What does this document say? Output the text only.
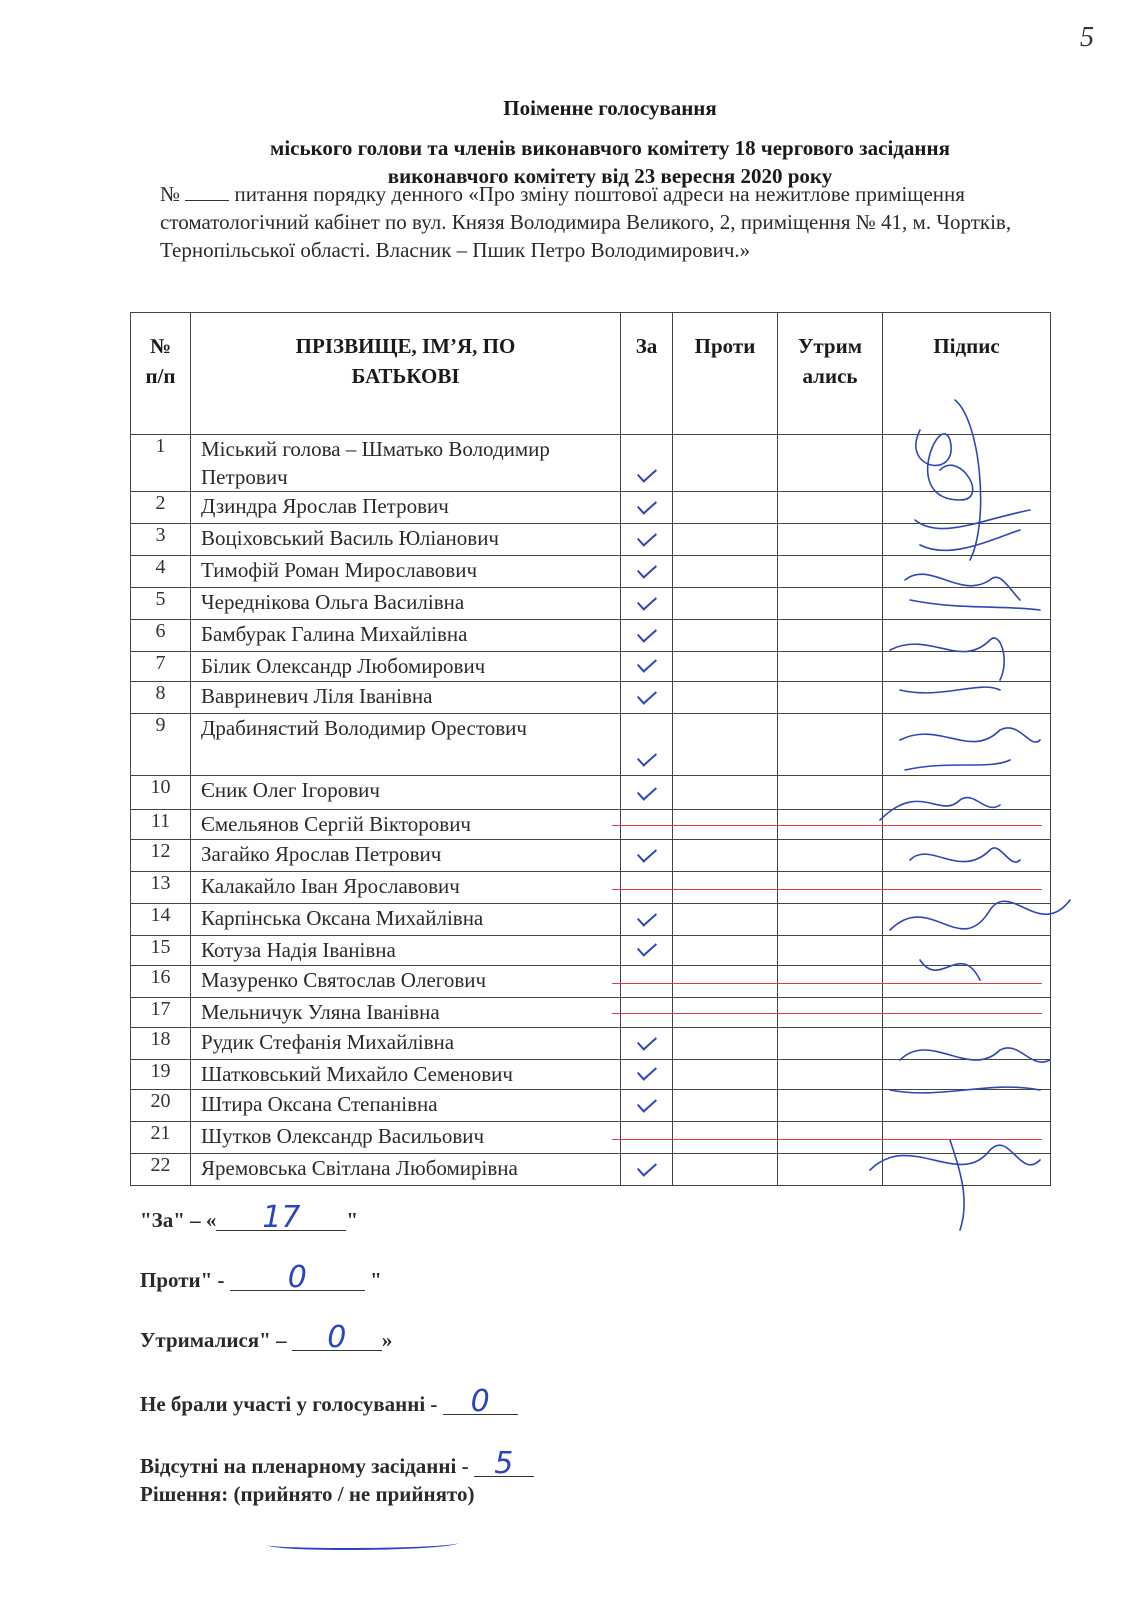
5
Поіменне голосування
міського голови та членів виконавчого комітету 18 чергового засідання
виконавчого комітету від 23 вересня 2020 року
№	питання порядку денного «Про зміну поштової адреси на нежитлове приміщення стоматологічний кабінет по вул. Князя Володимира Великого, 2, приміщення № 41, м. Чортків, Тернопільської області. Власник – Пшик Петро Володимирович.»
№ п/п	ПРІЗВИЩЕ, ІМ’Я, ПО БАТЬКОВІ	За	Проти	Утрим ались	Підпис

1	Міський голова – Шматько Володимир Петрович				
2	Дзиндра Ярослав Петрович				
3	Воціховський Василь Юліанович				
4	Тимофій Роман Мирославович				
5	Череднікова Ольга Василівна				
6	Бамбурак Галина Михайлівна				
7	Білик Олександр Любомирович				
8	Вавриневич Ліля Іванівна				
9	Драбинястий Володимир Орестович				
10	Єник Олег Ігорович				
11	Ємельянов Сергій Вікторович				
12	Загайко Ярослав Петрович				
13	Калакайло Іван Ярославович				
14	Карпінська Оксана Михайлівна				
15	Котуза Надія Іванівна				
16	Мазуренко Святослав Олегович				
17	Мельничук Уляна Іванівна				
18	Рудик Стефанія Михайлівна				
19	Шатковський Михайло Семенович				
20	Штира Оксана Степанівна				
21	Шутков Олександр Васильович				
22	Яремовська Світлана Любомирівна				
"За" – « 17 "
Проти" - 0	"
Утрималися" – 0 »
Не брали участі у голосуванні - 0
Відсутні на пленарному засіданні - 5
Рішення: (прийнято / не прийнято)
